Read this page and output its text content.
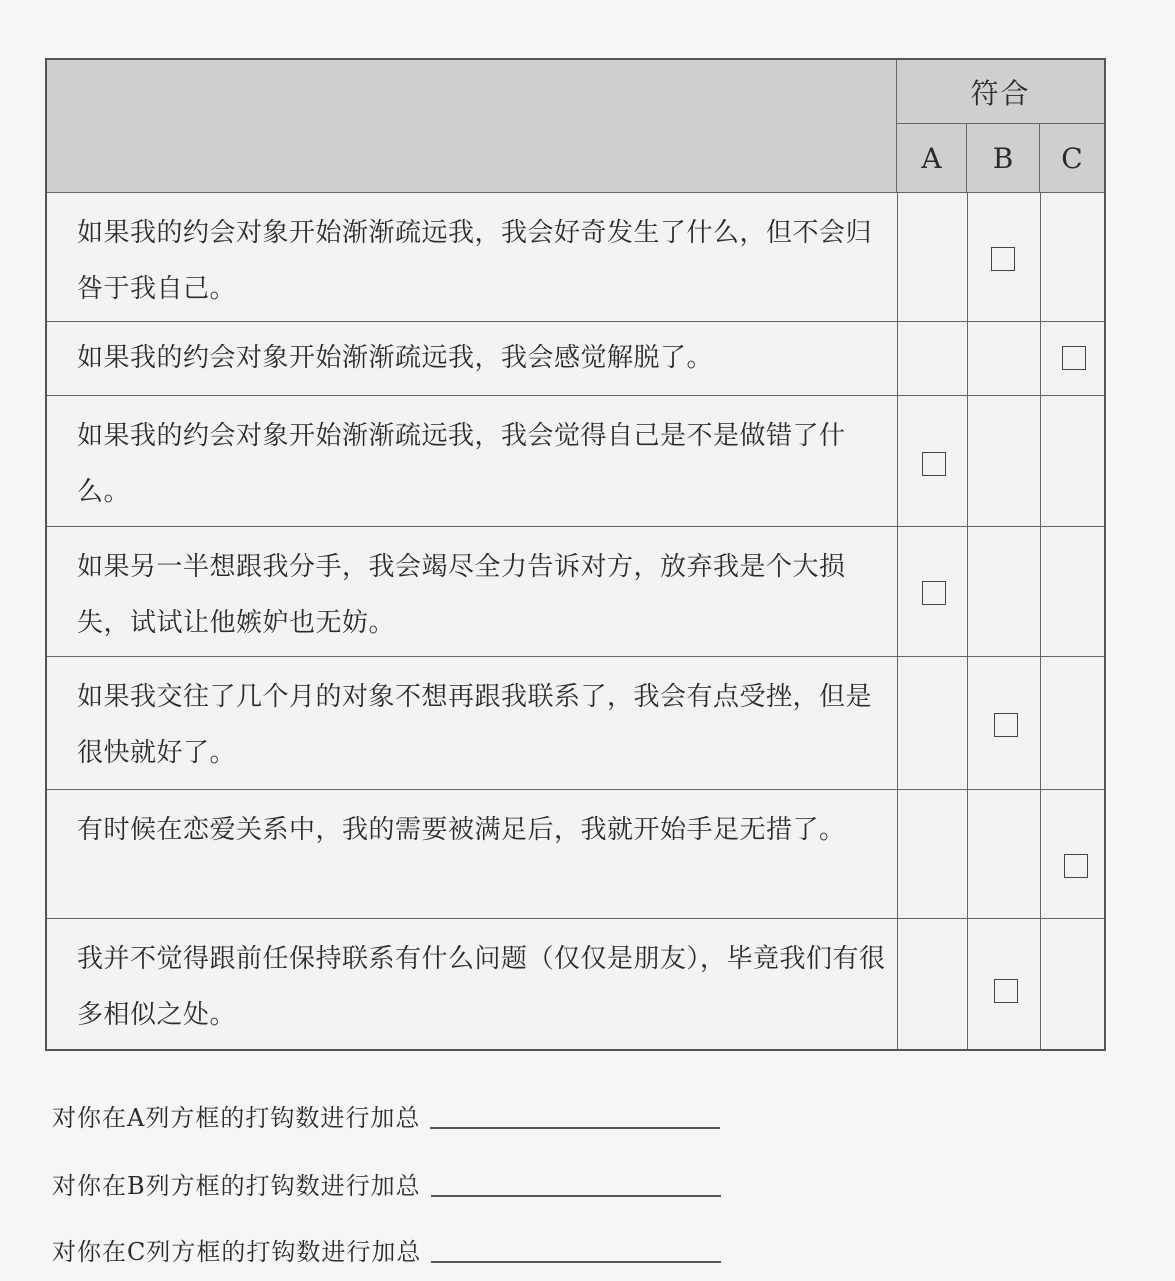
符合
A	B	C
如果我的约会对象开始渐渐疏远我，我会好奇发生了什么，但不会归咎于我自己。
如果我的约会对象开始渐渐疏远我，我会感觉解脱了。
如果我的约会对象开始渐渐疏远我，我会觉得自己是不是做错了什么。
如果另一半想跟我分手，我会竭尽全力告诉对方，放弃我是个大损失，试试让他嫉妒也无妨。
如果我交往了几个月的对象不想再跟我联系了，我会有点受挫，但是很快就好了。
有时候在恋爱关系中，我的需要被满足后，我就开始手足无措了。
我并不觉得跟前任保持联系有什么问题（仅仅是朋友），毕竟我们有很多相似之处。
对你在A列方框的打钩数进行加总
对你在B列方框的打钩数进行加总
对你在C列方框的打钩数进行加总
